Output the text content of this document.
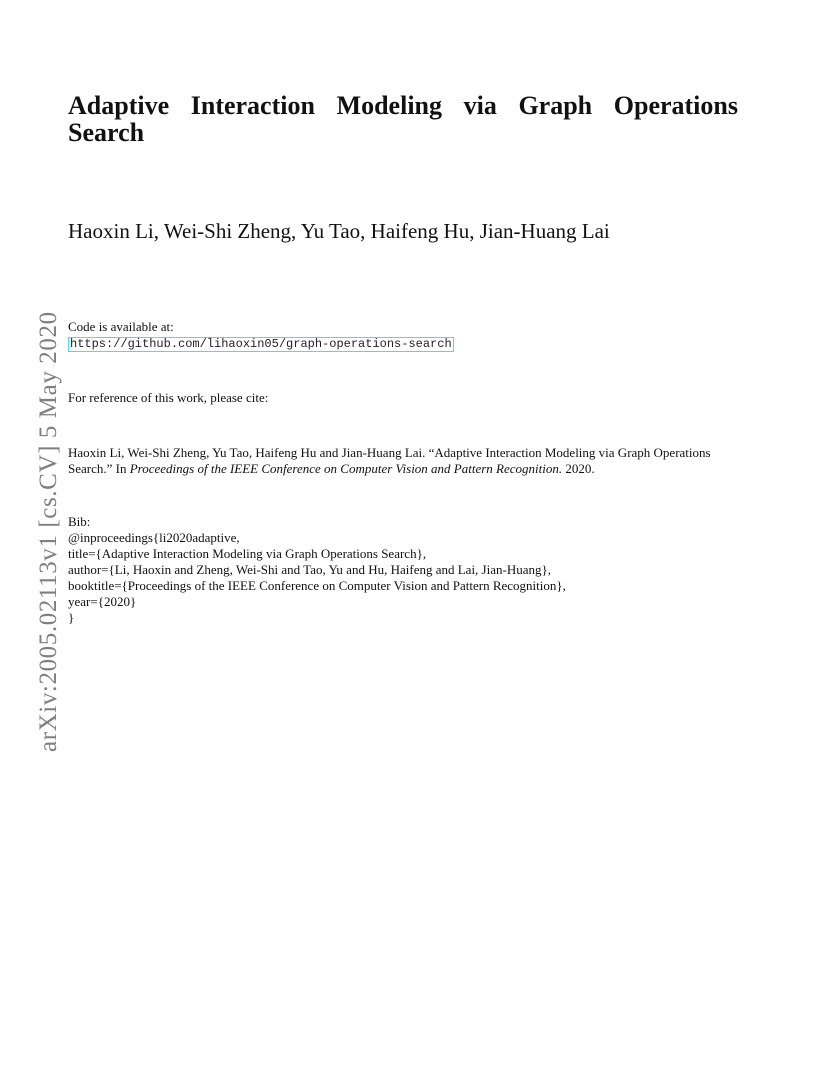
arXiv:2005.02113v1 [cs.CV] 5 May 2020
Adaptive Interaction Modeling via Graph Operations Search

Haoxin Li, Wei-Shi Zheng, Yu Tao, Haifeng Hu, Jian-Huang Lai

Code is available at:
https://github.com/lihaoxin05/graph-operations-search

For reference of this work, please cite:

Haoxin Li, Wei-Shi Zheng, Yu Tao, Haifeng Hu and Jian-Huang Lai. “Adaptive Interaction Modeling via Graph Operations Search.” In Proceedings of the IEEE Conference on Computer Vision and Pattern Recognition. 2020.

Bib:
@inproceedings{li2020adaptive,
title={Adaptive Interaction Modeling via Graph Operations Search},
author={Li, Haoxin and Zheng, Wei-Shi and Tao, Yu and Hu, Haifeng and Lai, Jian-Huang},
booktitle={Proceedings of the IEEE Conference on Computer Vision and Pattern Recognition},
year={2020}
}
